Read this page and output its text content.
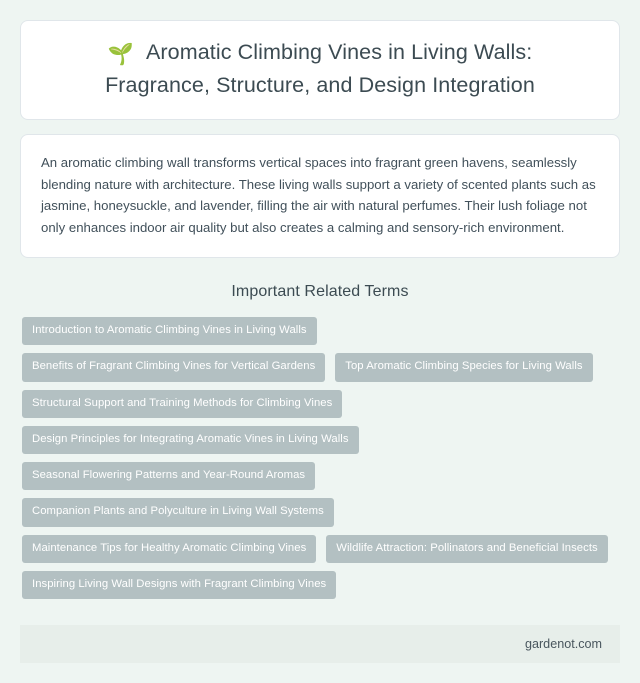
🌱 Aromatic Climbing Vines in Living Walls:
Fragrance, Structure, and Design Integration

An aromatic climbing wall transforms vertical spaces into fragrant green havens, seamlessly blending nature with architecture. These living walls support a variety of scented plants such as jasmine, honeysuckle, and lavender, filling the air with natural perfumes. Their lush foliage not only enhances indoor air quality but also creates a calming and sensory-rich environment.

Important Related Terms
Introduction to Aromatic Climbing Vines in Living Walls
Benefits of Fragrant Climbing Vines for Vertical Gardens	Top Aromatic Climbing Species for Living Walls
Structural Support and Training Methods for Climbing Vines
Design Principles for Integrating Aromatic Vines in Living Walls
Seasonal Flowering Patterns and Year-Round Aromas
Companion Plants and Polyculture in Living Wall Systems
Maintenance Tips for Healthy Aromatic Climbing Vines	Wildlife Attraction: Pollinators and Beneficial Insects
Inspiring Living Wall Designs with Fragrant Climbing Vines
gardenot.com
